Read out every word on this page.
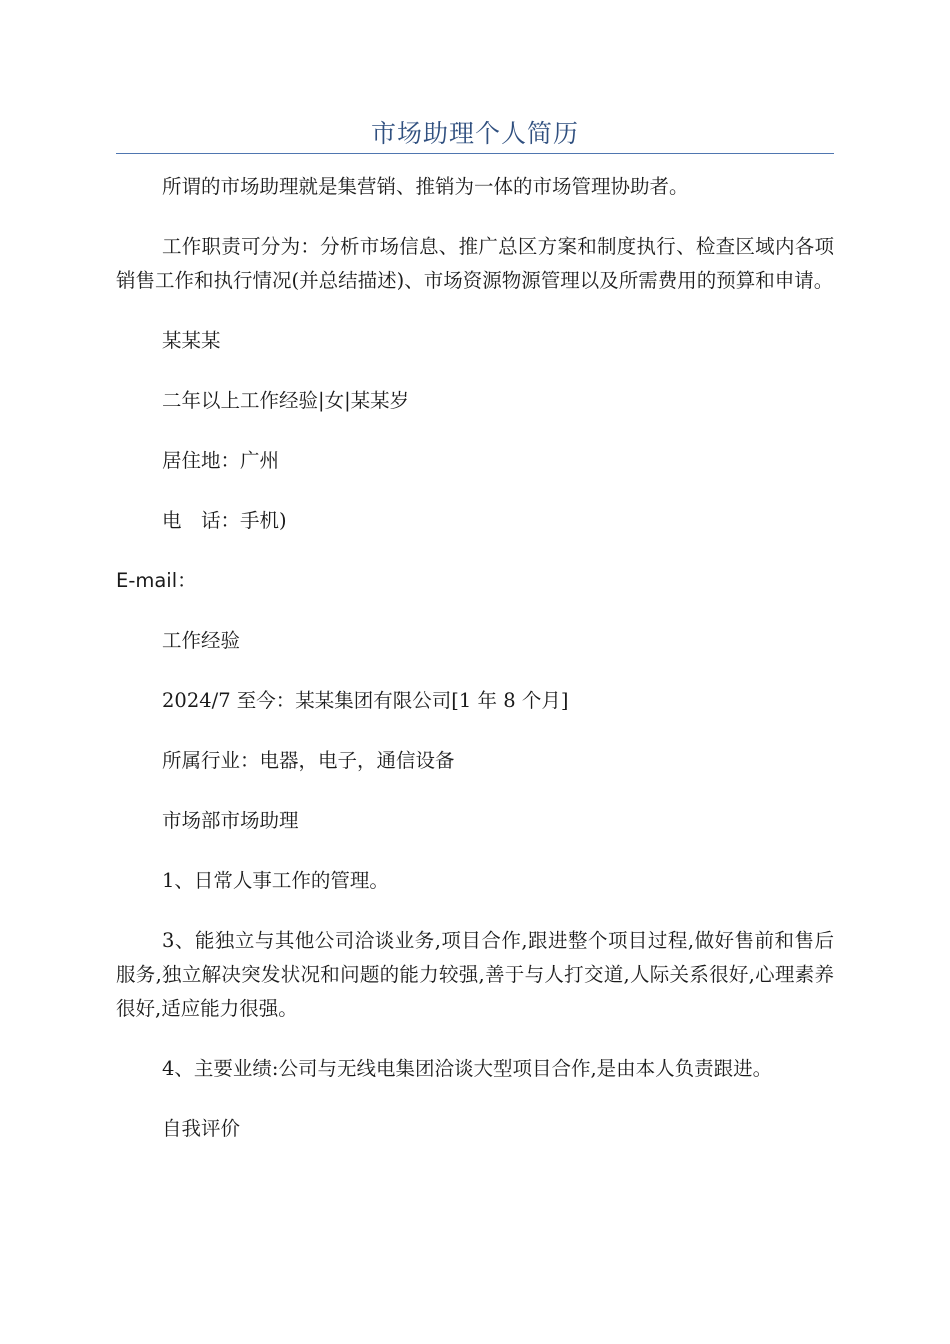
市场助理个人简历

所谓的市场助理就是集营销、推销为一体的市场管理协助者。

工作职责可分为：分析市场信息、推广总区方案和制度执行、检查区域内各项销售工作和执行情况(并总结描述)、市场资源物源管理以及所需费用的预算和申请。

某某某

二年以上工作经验|女|某某岁

居住地：广州

电　话：手机)

E-mail：

工作经验

2024/7 至今：某某集团有限公司[1 年 8 个月]

所属行业：电器，电子，通信设备

市场部市场助理

1、日常人事工作的管理。

3、能独立与其他公司洽谈业务,项目合作,跟进整个项目过程,做好售前和售后服务,独立解决突发状况和问题的能力较强,善于与人打交道,人际关系很好,心理素养很好,适应能力很强。

4、主要业绩:公司与无线电集团洽谈大型项目合作,是由本人负责跟进。

自我评价
